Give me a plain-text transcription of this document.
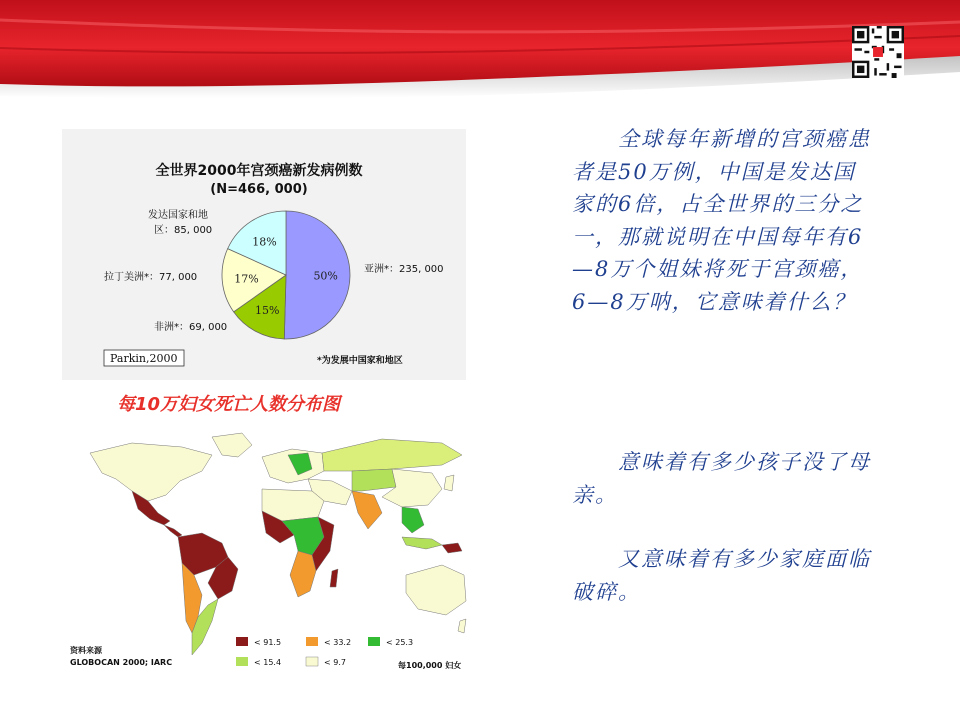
全世界2000年宫颈癌新发病例数
(N=466, 000)
50%
15%
17%
18%
发达国家和地
区：85, 000
拉丁美洲*：77, 000
非洲*：69, 000
亚洲*：235, 000
Parkin,2000	*为发展中国家和地区
每10万妇女死亡人数分布图
资料来源
GLOBOCAN 2000; IARC
< 91.5	< 33.2	< 25.3
< 15.4	< 9.7	每100,000 妇女
全球每年新增的宫颈癌患者是50万例，中国是发达国家的6倍，占全世界的三分之一，那就说明在中国每年有6—8万个姐妹将死于宫颈癌，6—8万呐，它意味着什么？
意味着有多少孩子没了母亲。
又意味着有多少家庭面临破碎。
